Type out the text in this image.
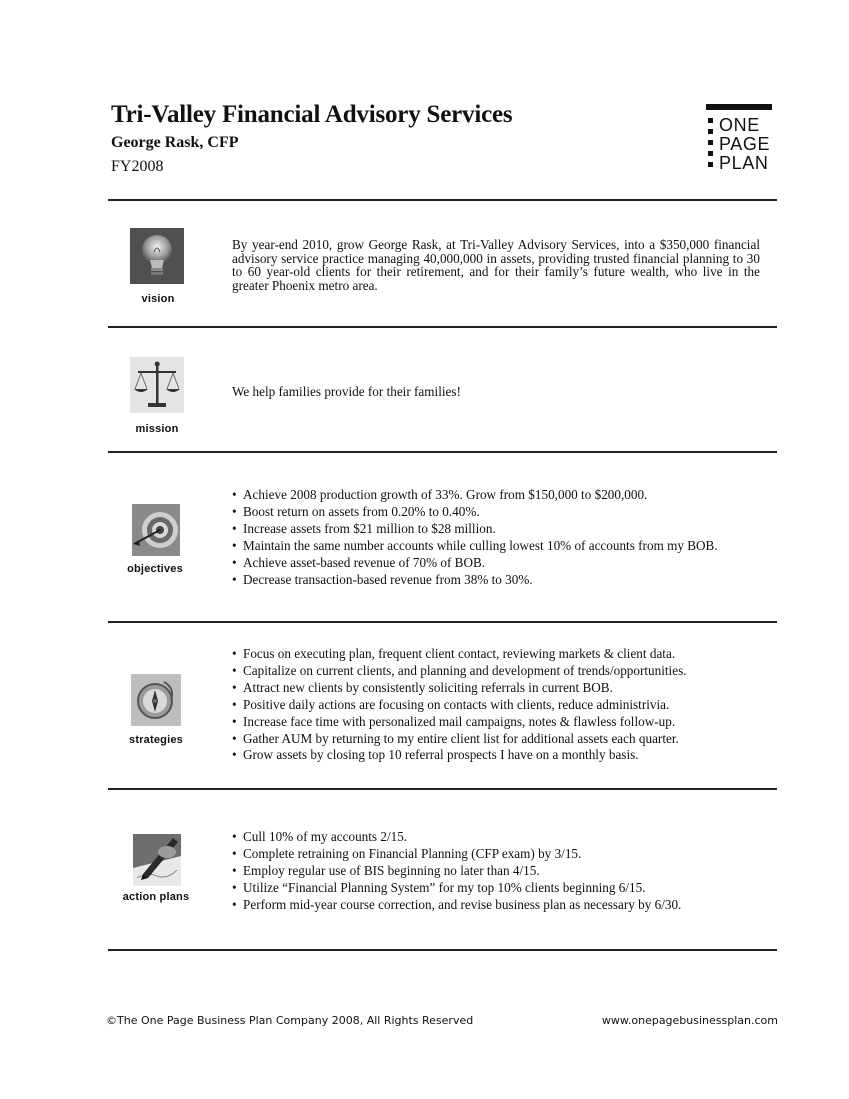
Tri-Valley Financial Advisory Services
George Rask, CFP
FY2008
ONE
PAGE
PLAN
vision
By year-end 2010, grow George Rask, at Tri-Valley Advisory Services, into a $350,000 financial advisory service practice managing 40,000,000 in assets, providing trusted financial planning to 30 to 60 year-old clients for their retirement, and for their family’s future wealth, who live in the greater Phoenix metro area.
mission
We help families provide for their families!
objectives
• Achieve 2008 production growth of 33%. Grow from $150,000 to $200,000.
• Boost return on assets from 0.20% to 0.40%.
• Increase assets from $21 million to $28 million.
• Maintain the same number accounts while culling lowest 10% of accounts from my BOB.
• Achieve asset-based revenue of 70% of BOB.
• Decrease transaction-based revenue from 38% to 30%.
strategies
• Focus on executing plan, frequent client contact, reviewing markets & client data.
• Capitalize on current clients, and planning and development of trends/opportunities.
• Attract new clients by consistently soliciting referrals in current BOB.
• Positive daily actions are focusing on contacts with clients, reduce administrivia.
• Increase face time with personalized mail campaigns, notes & flawless follow-up.
• Gather AUM by returning to my entire client list for additional assets each quarter.
• Grow assets by closing top 10 referral prospects I have on a monthly basis.
action plans
• Cull 10% of my accounts 2/15.
• Complete retraining on Financial Planning (CFP exam) by 3/15.
• Employ regular use of BIS beginning no later than 4/15.
• Utilize “Financial Planning System” for my top 10% clients beginning 6/15.
• Perform mid-year course correction, and revise business plan as necessary by 6/30.
©The One Page Business Plan Company 2008, All Rights Reserved	www.onepagebusinessplan.com
